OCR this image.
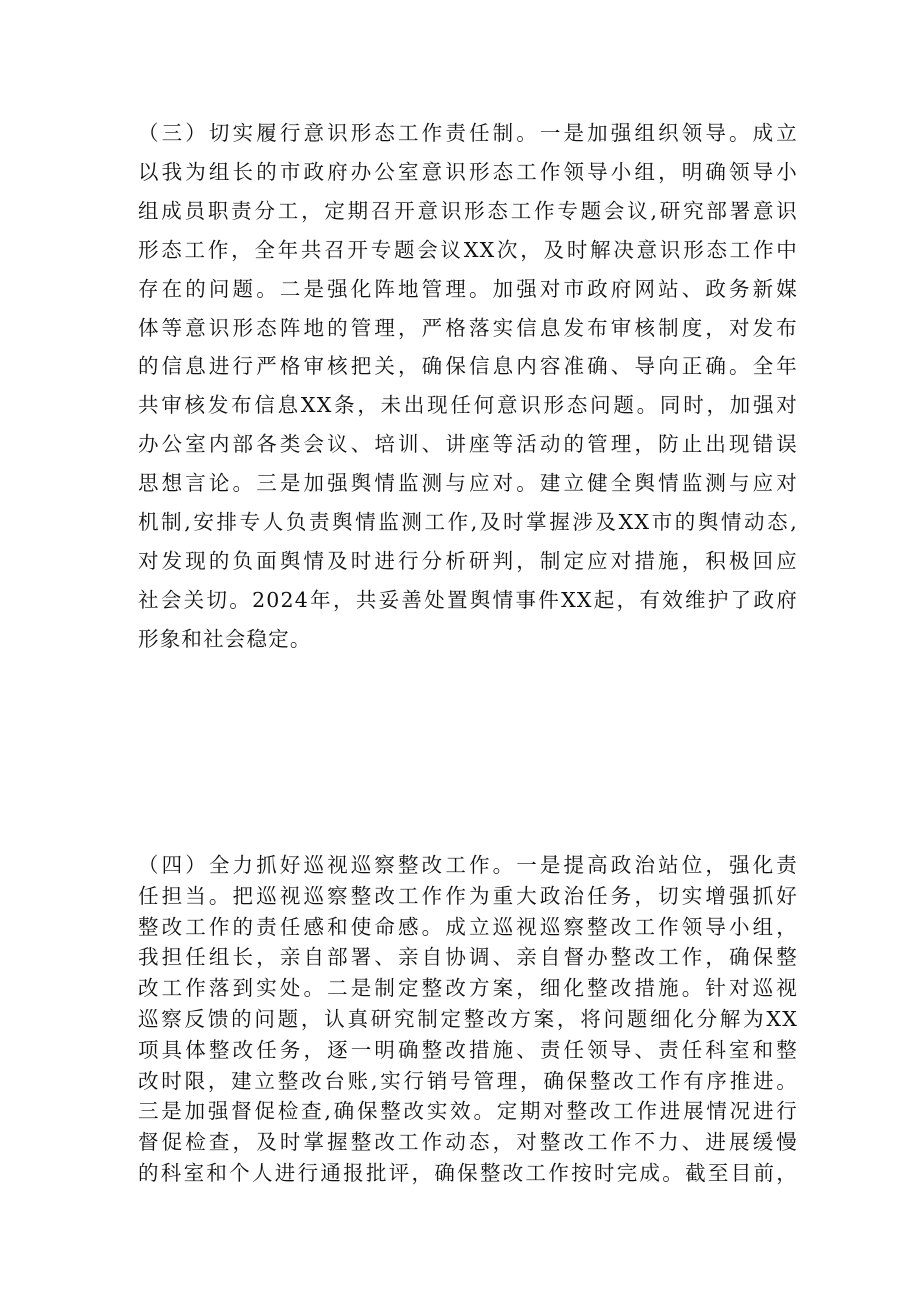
（三）切实履行意识形态工作责任制。一是加强组织领导。成立
以我为组长的市政府办公室意识形态工作领导小组，明确领导小
组成员职责分工，定期召开意识形态工作专题会议,研究部署意识
形态工作，全年共召开专题会议XX次，及时解决意识形态工作中
存在的问题。二是强化阵地管理。加强对市政府网站、政务新媒
体等意识形态阵地的管理，严格落实信息发布审核制度，对发布
的信息进行严格审核把关，确保信息内容准确、导向正确。全年
共审核发布信息XX条，未出现任何意识形态问题。同时，加强对
办公室内部各类会议、培训、讲座等活动的管理，防止出现错误
思想言论。三是加强舆情监测与应对。建立健全舆情监测与应对
机制,安排专人负责舆情监测工作,及时掌握涉及XX市的舆情动态,
对发现的负面舆情及时进行分析研判，制定应对措施，积极回应
社会关切。2024年，共妥善处置舆情事件XX起，有效维护了政府
形象和社会稳定。

（四）全力抓好巡视巡察整改工作。一是提高政治站位，强化责
任担当。把巡视巡察整改工作作为重大政治任务，切实增强抓好
整改工作的责任感和使命感。成立巡视巡察整改工作领导小组，
我担任组长，亲自部署、亲自协调、亲自督办整改工作，确保整
改工作落到实处。二是制定整改方案，细化整改措施。针对巡视
巡察反馈的问题，认真研究制定整改方案，将问题细化分解为XX
项具体整改任务，逐一明确整改措施、责任领导、责任科室和整
改时限，建立整改台账,实行销号管理，确保整改工作有序推进。
三是加强督促检查,确保整改实效。定期对整改工作进展情况进行
督促检查，及时掌握整改工作动态，对整改工作不力、进展缓慢
的科室和个人进行通报批评，确保整改工作按时完成。截至目前，
